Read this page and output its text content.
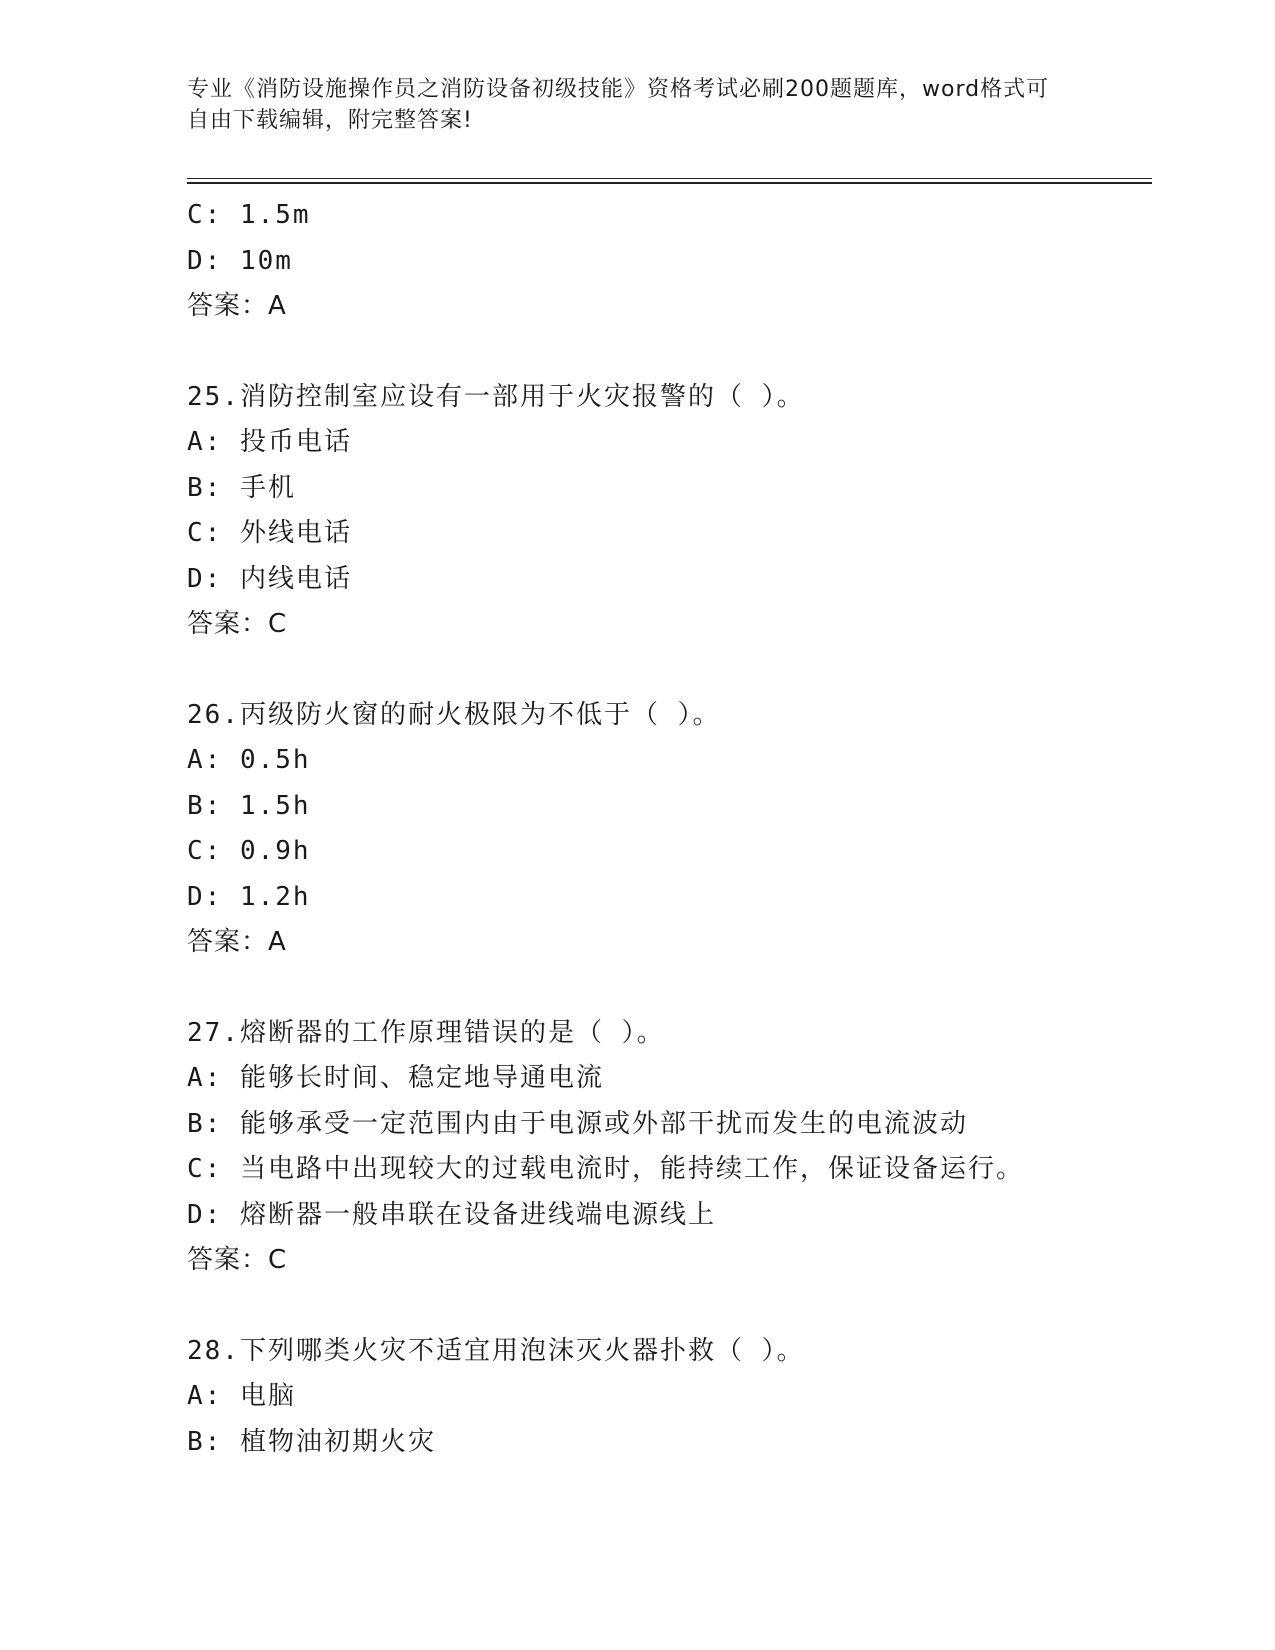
专业《消防设施操作员之消防设备初级技能》资格考试必刷200题题库，word格式可自由下载编辑，附完整答案!
C: 1.5m
D: 10m
答案：A
25.消防控制室应设有一部用于火灾报警的（ ）。
A: 投币电话
B: 手机
C: 外线电话
D: 内线电话
答案：C
26.丙级防火窗的耐火极限为不低于（ ）。
A: 0.5h
B: 1.5h
C: 0.9h
D: 1.2h
答案：A
27.熔断器的工作原理错误的是（ ）。
A: 能够长时间、稳定地导通电流
B: 能够承受一定范围内由于电源或外部干扰而发生的电流波动
C: 当电路中出现较大的过载电流时，能持续工作，保证设备运行。
D: 熔断器一般串联在设备进线端电源线上
答案：C
28.下列哪类火灾不适宜用泡沫灭火器扑救（ ）。
A: 电脑
B: 植物油初期火灾
